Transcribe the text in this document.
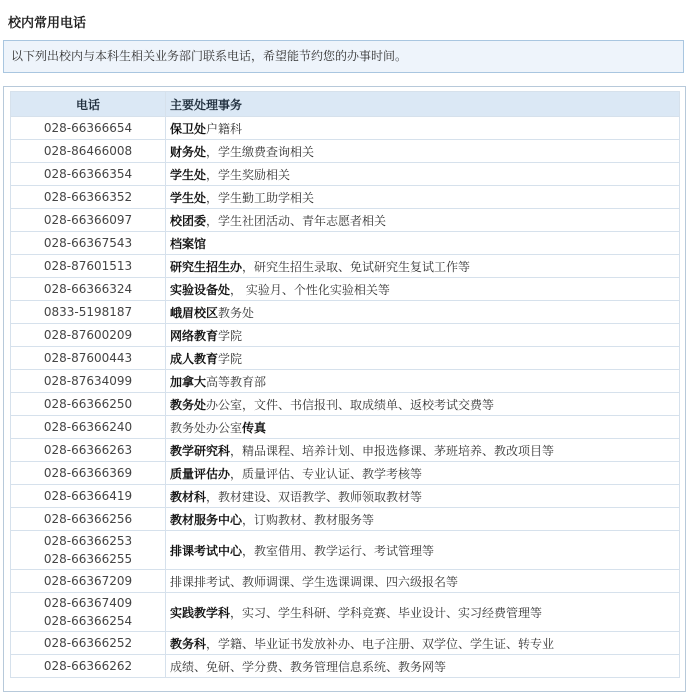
校内常用电话
以下列出校内与本科生相关业务部门联系电话，希望能节约您的办事时间。
电话	主要处理事务

028-66366654	保卫处户籍科

028-86466008	财务处，学生缴费查询相关

028-66366354	学生处，学生奖励相关

028-66366352	学生处，学生勤工助学相关

028-66366097	校团委，学生社团活动、青年志愿者相关

028-66367543	档案馆

028-87601513	研究生招生办，研究生招生录取、免试研究生复试工作等

028-66366324	实验设备处， 实验月、个性化实验相关等

0833-5198187	峨眉校区教务处

028-87600209	网络教育学院

028-87600443	成人教育学院

028-87634099	加拿大高等教育部

028-66366250	教务处办公室，文件、书信报刊、取成绩单、返校考试交费等

028-66366240	教务处办公室传真

028-66366263	教学研究科，精品课程、培养计划、申报选修课、茅班培养、教改项目等

028-66366369	质量评估办，质量评估、专业认证、教学考核等

028-66366419	教材科，教材建设、双语教学、教师领取教材等

028-66366256	教材服务中心，订购教材、教材服务等

028-66366253
028-66366255	排课考试中心，教室借用、教学运行、考试管理等

028-66367209	排课排考试、教师调课、学生选课调课、四六级报名等

028-66367409
028-66366254	实践教学科，实习、学生科研、学科竞赛、毕业设计、实习经费管理等

028-66366252	教务科，学籍、毕业证书发放补办、电子注册、双学位、学生证、转专业

028-66366262	成绩、免研、学分费、教务管理信息系统、教务网等
